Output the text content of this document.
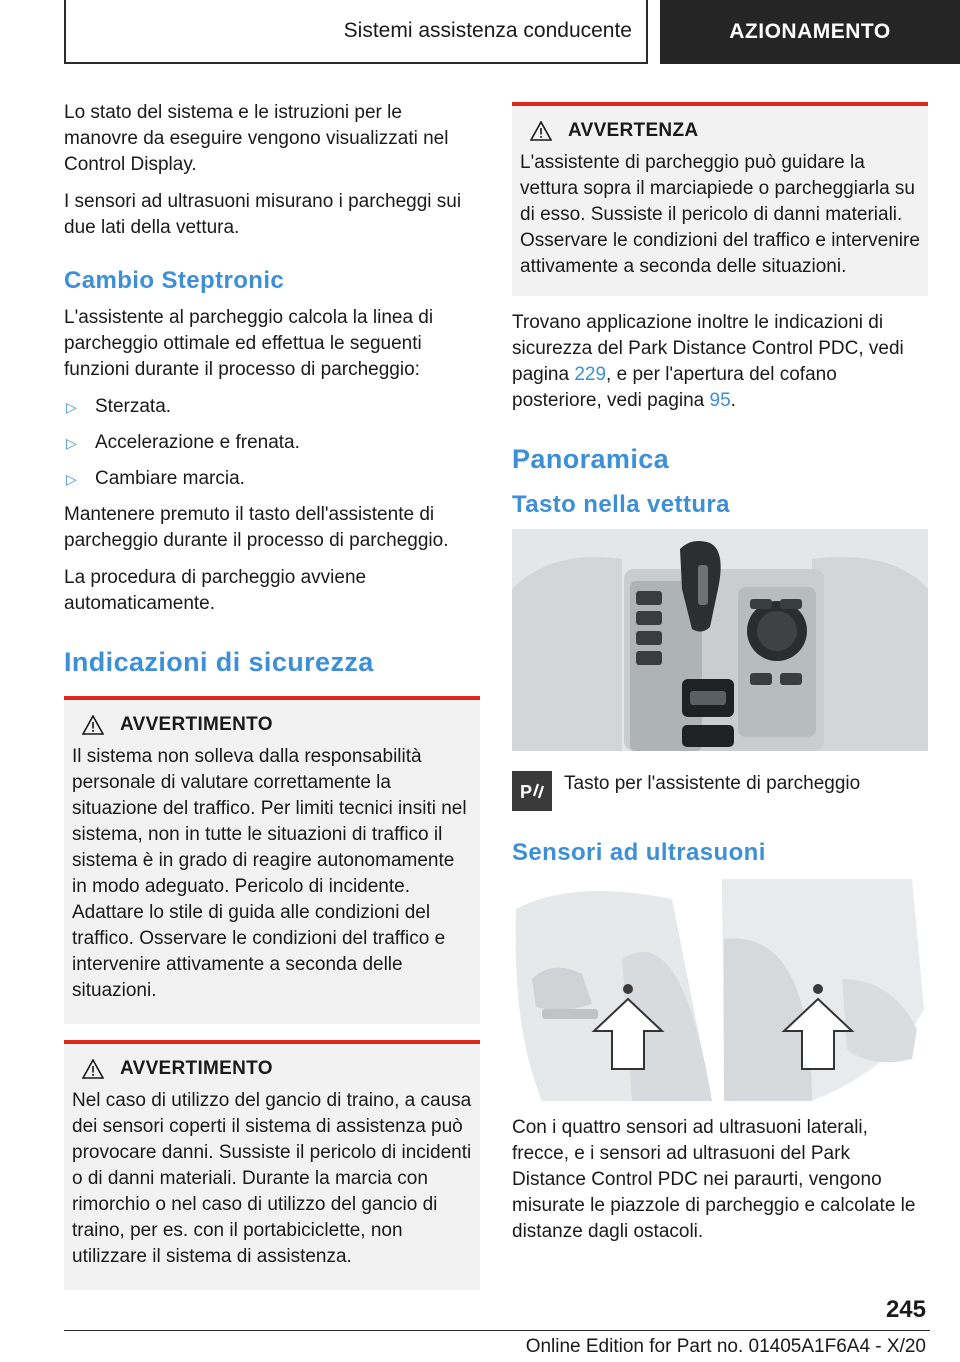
Sistemi assistenza conducente	AZIONAMENTO

Lo stato del sistema e le istruzioni per le manovre da eseguire vengono visualizzati nel Control Display.

I sensori ad ultrasuoni misurano i parcheggi sui due lati della vettura.

Cambio Steptronic

L'assistente al parcheggio calcola la linea di parcheggio ottimale ed effettua le seguenti funzioni durante il processo di parcheggio:

▷ Sterzata.
▷ Accelerazione e frenata.
▷ Cambiare marcia.

Mantenere premuto il tasto dell'assistente di parcheggio durante il processo di parcheggio.

La procedura di parcheggio avviene automaticamente.

Indicazioni di sicurezza
AVVERTIMENTO

Il sistema non solleva dalla responsabilità personale di valutare correttamente la situazione del traffico. Per limiti tecnici insiti nel sistema, non in tutte le situazioni di traffico il sistema è in grado di reagire autonomamente in modo adeguato. Pericolo di incidente. Adattare lo stile di guida alle condizioni del traffico. Osservare le condizioni del traffico e intervenire attivamente a seconda delle situazioni.

AVVERTIMENTO

Nel caso di utilizzo del gancio di traino, a causa dei sensori coperti il sistema di assistenza può provocare danni. Sussiste il pericolo di incidenti o di danni materiali. Durante la marcia con rimorchio o nel caso di utilizzo del gancio di traino, per es. con il portabiciclette, non utilizzare il sistema di assistenza.

AVVERTENZA

L'assistente di parcheggio può guidare la vettura sopra il marciapiede o parcheggiarla su di esso. Sussiste il pericolo di danni materiali. Osservare le condizioni del traffico e intervenire attivamente a seconda delle situazioni.

Trovano applicazione inoltre le indicazioni di sicurezza del Park Distance Control PDC, vedi pagina 229, e per l'apertura del cofano posteriore, vedi pagina 95.

Panoramica
Tasto nella vettura
P Tasto per l'assistente di parcheggio
Sensori ad ultrasuoni

Con i quattro sensori ad ultrasuoni laterali, frecce, e i sensori ad ultrasuoni del Park Distance Control PDC nei paraurti, vengono misurate le piazzole di parcheggio e calcolate le distanze dagli ostacoli.

245
Online Edition for Part no. 01405A1F6A4 - X/20
